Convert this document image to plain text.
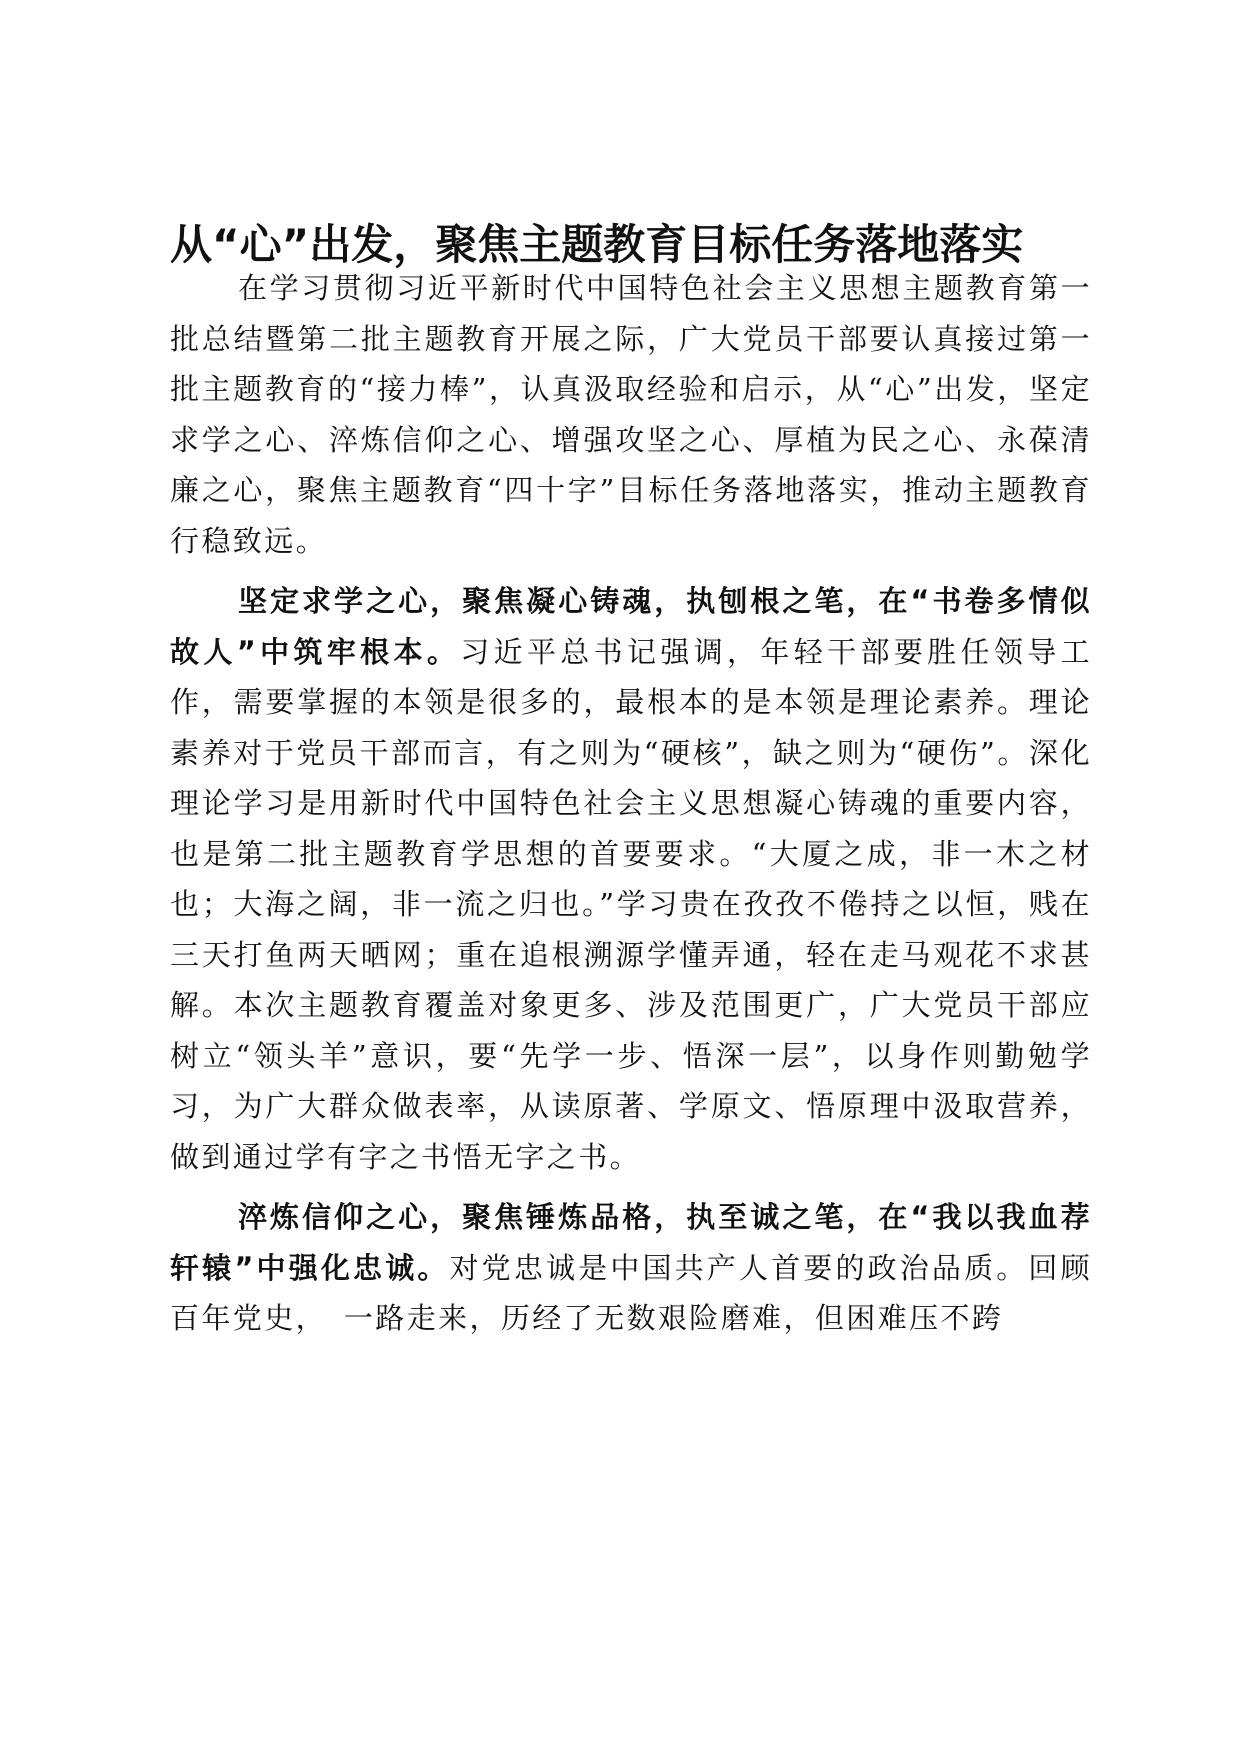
从“心”出发，聚焦主题教育目标任务落地落实

在学习贯彻习近平新时代中国特色社会主义思想主题教育第一批总结暨第二批主题教育开展之际，广大党员干部要认真接过第一批主题教育的“接力棒”，认真汲取经验和启示，从“心”出发，坚定求学之心、淬炼信仰之心、增强攻坚之心、厚植为民之心、永葆清廉之心，聚焦主题教育“四十字”目标任务落地落实，推动主题教育行稳致远。

坚定求学之心，聚焦凝心铸魂，执刨根之笔，在“书卷多情似故人”中筑牢根本。习近平总书记强调，年轻干部要胜任领导工作，需要掌握的本领是很多的，最根本的是本领是理论素养。理论素养对于党员干部而言，有之则为“硬核”，缺之则为“硬伤”。深化理论学习是用新时代中国特色社会主义思想凝心铸魂的重要内容，也是第二批主题教育学思想的首要要求。“大厦之成，非一木之材也；大海之阔，非一流之归也。”学习贵在孜孜不倦持之以恒，贱在三天打鱼两天晒网；重在追根溯源学懂弄通，轻在走马观花不求甚解。本次主题教育覆盖对象更多、涉及范围更广，广大党员干部应树立“领头羊”意识，要“先学一步、悟深一层”，以身作则勤勉学习，为广大群众做表率，从读原著、学原文、悟原理中汲取营养，做到通过学有字之书悟无字之书。

淬炼信仰之心，聚焦锤炼品格，执至诚之笔，在“我以我血荐轩辕”中强化忠诚。对党忠诚是中国共产人首要的政治品质。回顾百年党史，　一路走来，历经了无数艰险磨难，但困难压不跨
